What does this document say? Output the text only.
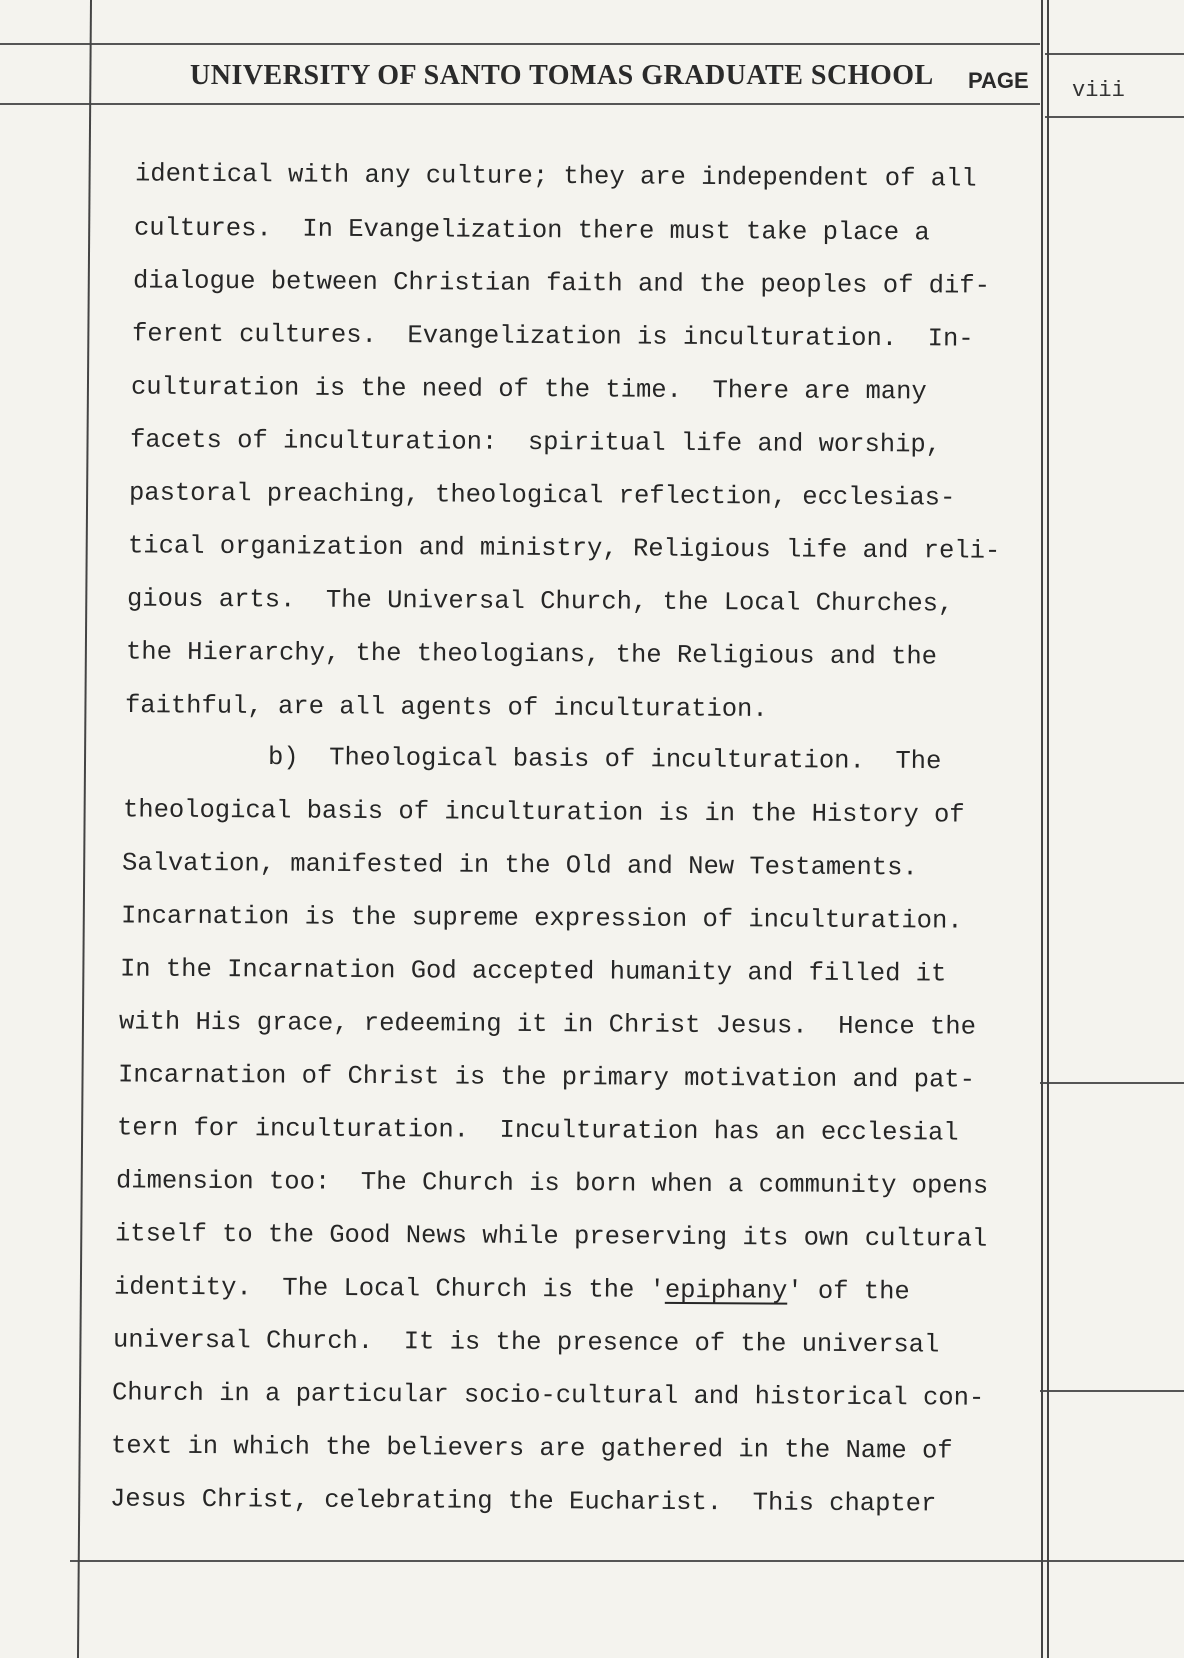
UNIVERSITY OF SANTO TOMAS GRADUATE SCHOOL PAGE viii
identical with any culture; they are independent of all
cultures.  In Evangelization there must take place a
dialogue between Christian faith and the peoples of dif-
ferent cultures.  Evangelization is inculturation.  In-
culturation is the need of the time.  There are many
facets of inculturation:  spiritual life and worship,
pastoral preaching, theological reflection, ecclesias-
tical organization and ministry, Religious life and reli-
gious arts.  The Universal Church, the Local Churches,
the Hierarchy, the theologians, the Religious and the
faithful, are all agents of inculturation.
b)  Theological basis of inculturation.  The
theological basis of inculturation is in the History of
Salvation, manifested in the Old and New Testaments.
Incarnation is the supreme expression of inculturation.
In the Incarnation God accepted humanity and filled it
with His grace, redeeming it in Christ Jesus.  Hence the
Incarnation of Christ is the primary motivation and pat-
tern for inculturation.  Inculturation has an ecclesial
dimension too:  The Church is born when a community opens
itself to the Good News while preserving its own cultural
identity.  The Local Church is the 'epiphany' of the
universal Church.  It is the presence of the universal
Church in a particular socio-cultural and historical con-
text in which the believers are gathered in the Name of
Jesus Christ, celebrating the Eucharist.  This chapter
